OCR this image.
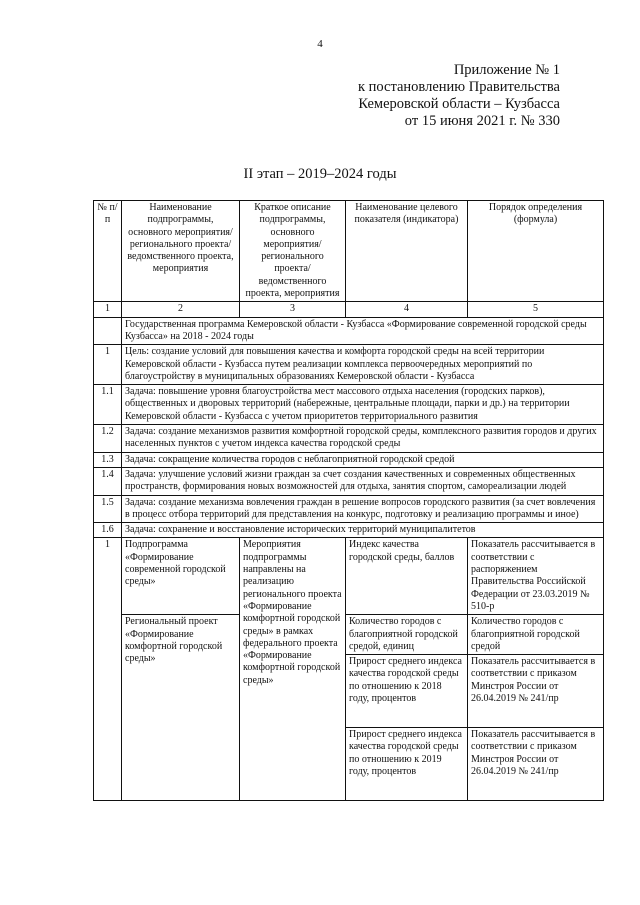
4
Приложение № 1
к постановлению Правительства
Кемеровской области – Кузбасса
от 15 июня 2021 г. № 330
II этап – 2019–2024 годы
№ п/п	Наименование подпрограммы, основного мероприятия/ регионального проекта/ ведомственного проекта, мероприятия	Краткое описание подпрограммы, основного мероприятия/ регионального проекта/ ведомственного проекта, мероприятия	Наименование целевого показателя (индикатора)	Порядок определения (формула)
1	2	3	4	5
	Государственная программа Кемеровской области - Кузбасса «Формирование современной городской среды Кузбасса» на 2018 - 2024 годы			
1	Цель: создание условий для повышения качества и комфорта городской среды на всей территории Кемеровской области - Кузбасса путем реализации комплекса первоочередных мероприятий по благоустройству в муниципальных образованиях Кемеровской области - Кузбасса			
1.1	Задача: повышение уровня благоустройства мест массового отдыха населения (городских парков), общественных и дворовых территорий (набережные, центральные площади, парки и др.) на территории Кемеровской области - Кузбасса с учетом приоритетов территориального развития			
1.2	Задача: создание механизмов развития комфортной городской среды, комплексного развития городов и других населенных пунктов с учетом индекса качества городской среды			
1.3	Задача: сокращение количества городов с неблагоприятной городской средой			
1.4	Задача: улучшение условий жизни граждан за счет создания качественных и современных общественных пространств, формирования новых возможностей для отдыха, занятия спортом, самореализации людей			
1.5	Задача: создание механизма вовлечения граждан в решение вопросов городского развития (за счет вовлечения в процесс отбора территорий для представления на конкурс, подготовку и реализацию программы и иное)			
1.6	Задача: сохранение и восстановление исторических территорий муниципалитетов			
1	Подпрограмма «Формирование современной городской среды»	Мероприятия подпрограммы направлены на реализацию регионального проекта «Формирование комфортной городской среды» в рамках федерального проекта «Формирование комфортной городской среды»	Индекс качества городской среды, баллов	Показатель рассчитывается в соответствии с распоряжением Правительства Российской Федерации от 23.03.2019 № 510-р
	Региональный проект «Формирование комфортной городской среды»		Количество городов с благоприятной городской средой, единиц	Количество городов с благоприятной городской средой
			Прирост среднего индекса качества городской среды по отношению к 2018 году, процентов	Показатель рассчитывается в соответствии с приказом Минстроя России от 26.04.2019 № 241/пр
			Прирост среднего индекса качества городской среды по отношению к 2019 году, процентов	Показатель рассчитывается в соответствии с приказом Минстроя России от 26.04.2019 № 241/пр
